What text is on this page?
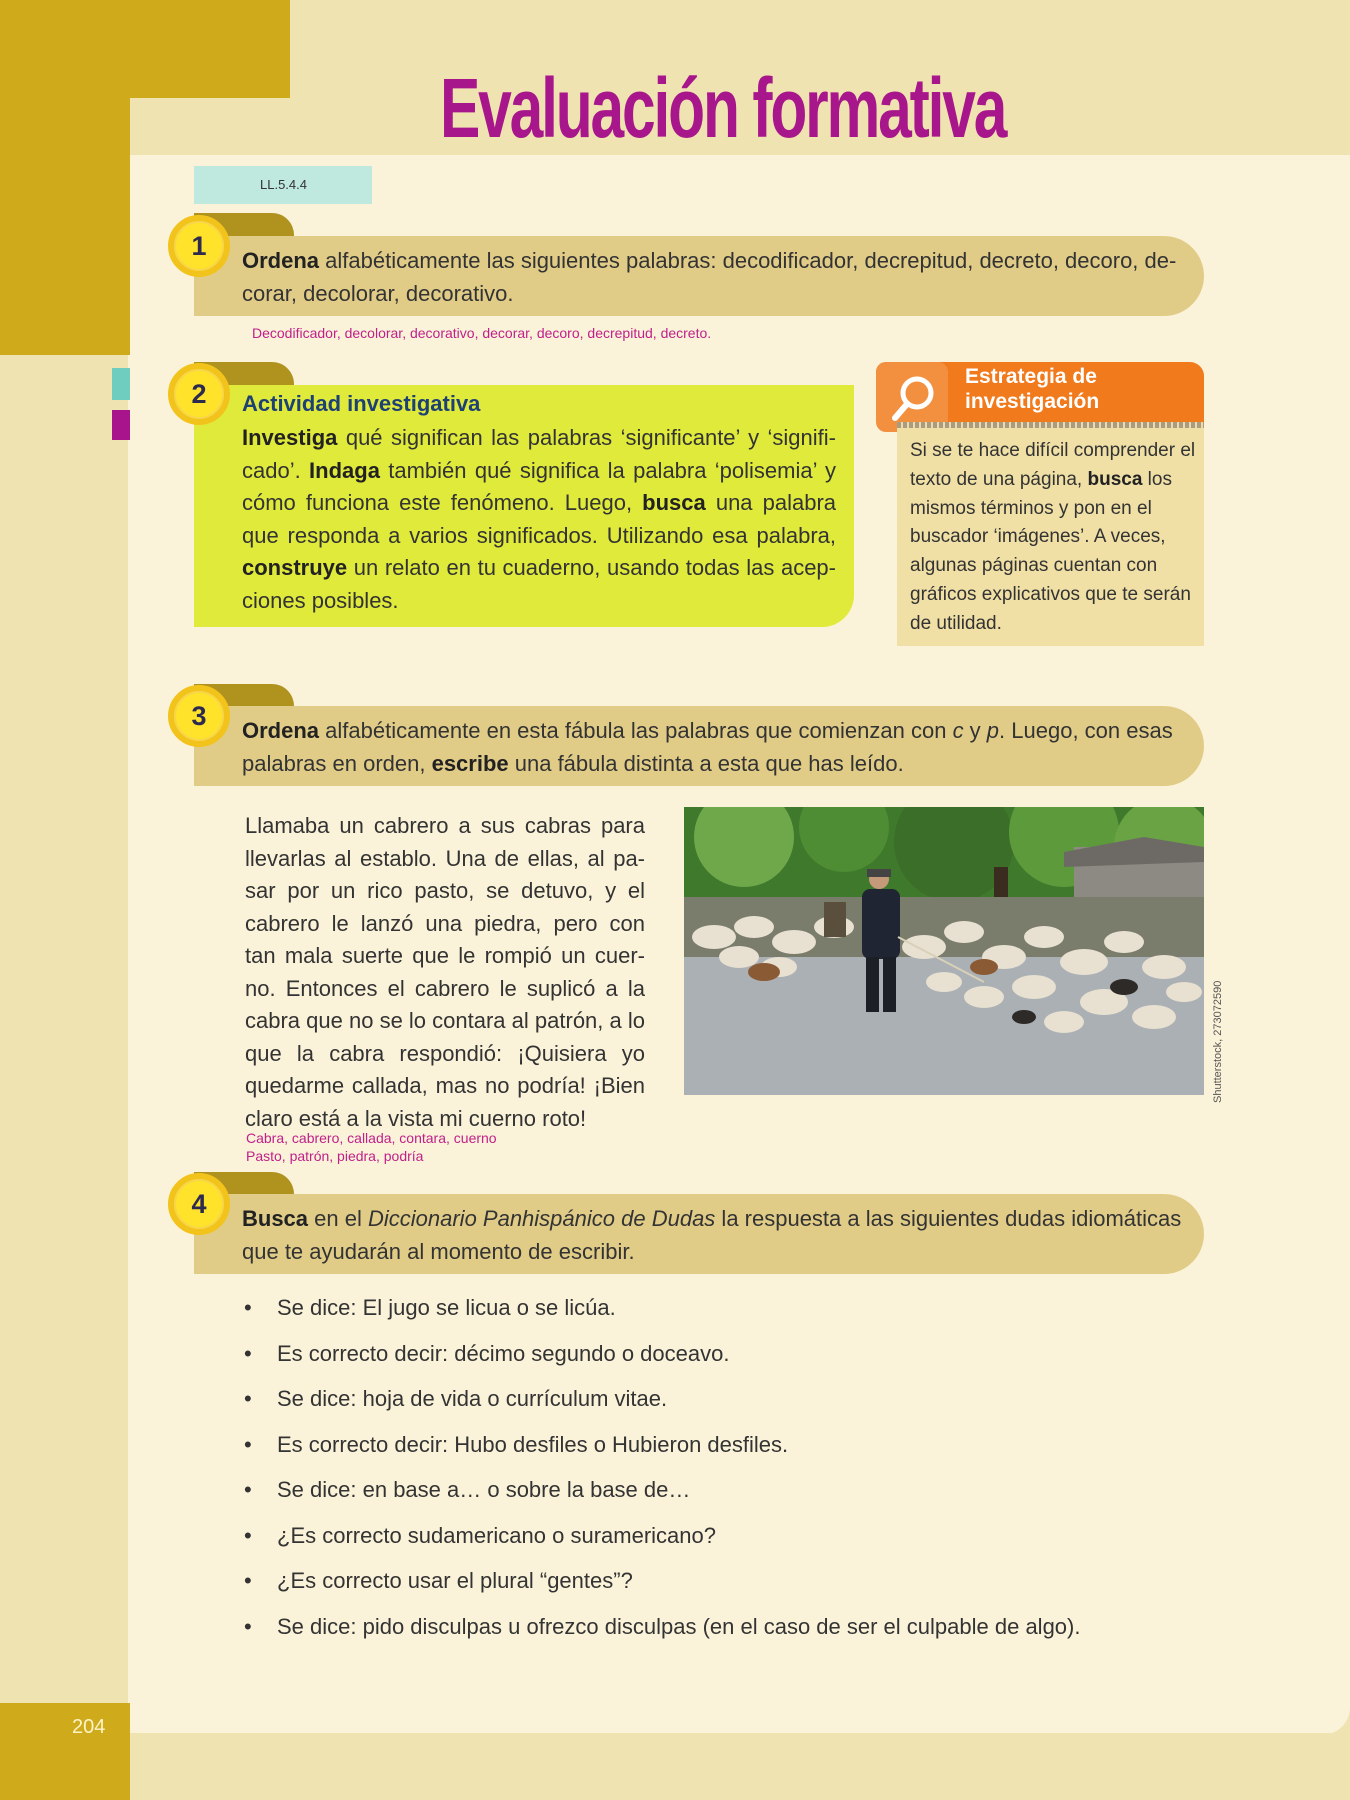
204
Evaluación formativa
LL.5.4.4
1	Ordena alfabéticamente las siguientes palabras: decodificador, decrepitud, decreto, decoro, de-
corar, decolorar, decorativo.
Decodificador, decolorar, decorativo, decorar, decoro, decrepitud, decreto.
2	Actividad investigativa
Investiga qué significan las palabras ‘significante’ y ‘signifi-cado’. Indaga también qué significa la palabra ‘polisemia’ y cómo funciona este fenómeno. Luego, busca una palabra que responda a varios significados. Utilizando esa palabra, construye un relato en tu cuaderno, usando todas las acep-ciones posibles.
Estrategia de
investigación
Si se te hace difícil comprender el texto de una página, busca los mismos términos y pon en el buscador ‘imágenes’. A veces, algunas páginas cuentan con gráficos explicativos que te serán de utilidad.
3	Ordena alfabéticamente en esta fábula las palabras que comienzan con c y p. Luego, con esas
palabras en orden, escribe una fábula distinta a esta que has leído.
Llamaba un cabrero a sus cabras para llevarlas al establo. Una de ellas, al pa-sar por un rico pasto, se detuvo, y el cabrero le lanzó una piedra, pero con tan mala suerte que le rompió un cuer-no. Entonces el cabrero le suplicó a la cabra que no se lo contara al patrón, a lo que la cabra respondió: ¡Quisiera yo quedarme callada, mas no podría! ¡Bien claro está a la vista mi cuerno roto!
Cabra, cabrero, callada, contara, cuerno
Pasto, patrón, piedra, podría
Shutterstock, 273072590
4	Busca en el Diccionario Panhispánico de Dudas la respuesta a las siguientes dudas idiomáticas
que te ayudarán al momento de escribir.
• Se dice: El jugo se licua o se licúa.
• Es correcto decir: décimo segundo o doceavo.
• Se dice: hoja de vida o currículum vitae.
• Es correcto decir: Hubo desfiles o Hubieron desfiles.
• Se dice: en base a… o sobre la base de…
• ¿Es correcto sudamericano o suramericano?
• ¿Es correcto usar el plural “gentes”?
• Se dice: pido disculpas u ofrezco disculpas (en el caso de ser el culpable de algo).
